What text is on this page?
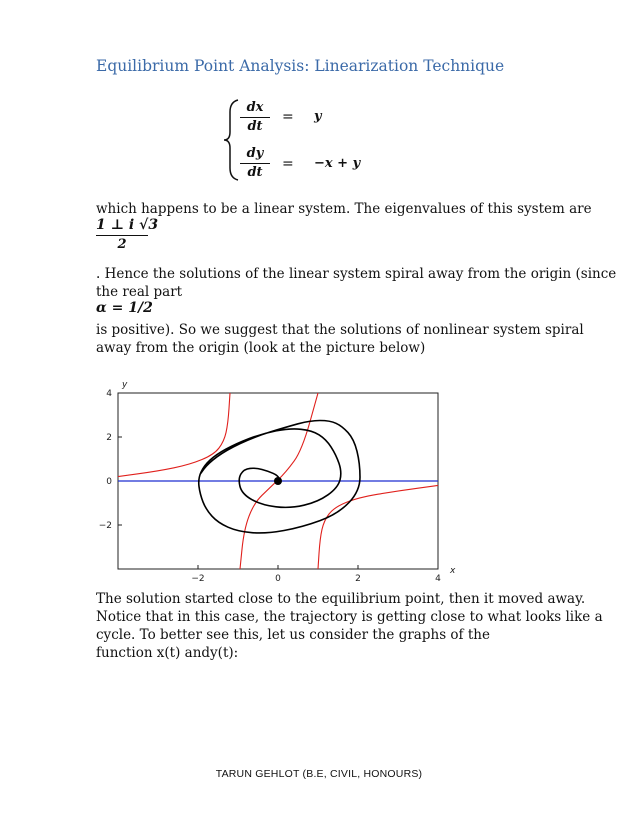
Equilibrium Point Analysis: Linearization Technique
dx
dt
= y
dy
dt
= −x + y
which happens to be a linear system. The eigenvalues of this system are
1 ⊥ i √3
2
. Hence the solutions of the linear system spiral away from the origin (since
the real part
α = 1/2
is positive). So we suggest that the solutions of nonlinear system spiral
away from the origin (look at the picture below)
−2	0	2	4
4
2
0
−2
x
y
The solution started close to the equilibrium point, then it moved away.
Notice that in this case, the trajectory is getting close to what looks like a
cycle. To better see this, let us consider the graphs of the
function x(t) andy(t):
TARUN GEHLOT (B.E, CIVIL, HONOURS)
